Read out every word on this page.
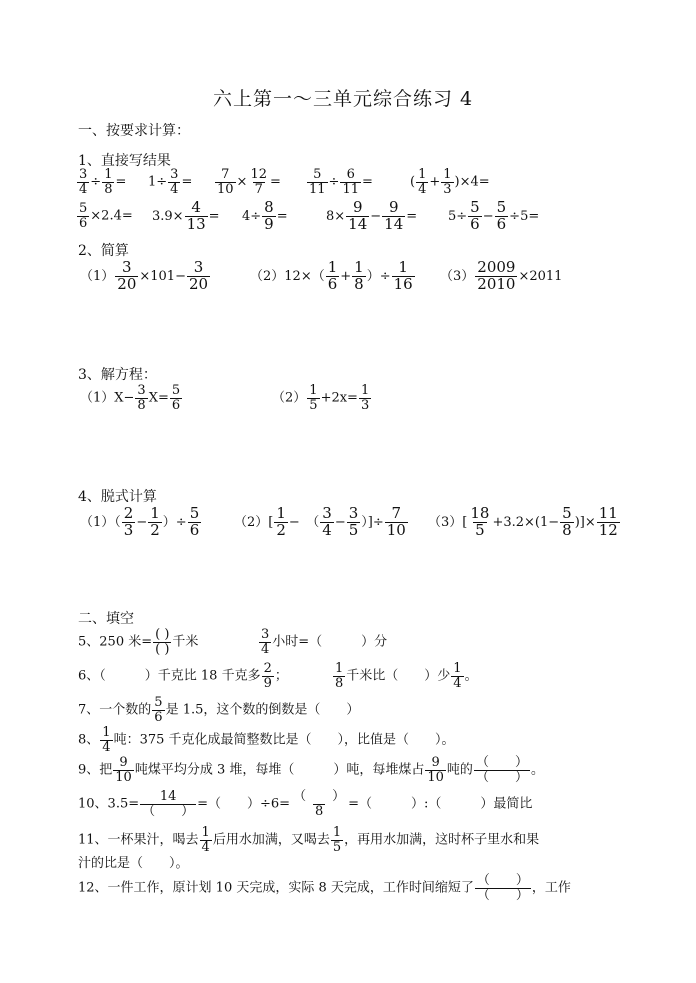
六上第一～三单元综合练习 4
一、按要求计算：
1、直接写结果
$\frac{3}{4} \div \frac{1}{8} = 1\div \frac{3}{4} = \frac{7}{10} \times \frac{12}{7} = \frac{5}{11} \div \frac{6}{11}$ =	( $\frac{1}{4} + \frac{1}{3} )\times 4=$
$\frac{5}{6} \times 2.4= 3.9\times \frac{4}{13} = 4\div \frac{8}{9}$ =	$8\times \frac{9}{14} - \frac{9}{14} = 5\div \frac{5}{6} - \frac{5}{6} \div 5=$
2、简算
$(1) \frac{3}{20} \times 101- \frac{3}{20}$	$(2)12\times( \frac{1}{6} + \frac{1}{8}$ ）÷ $\frac{1}{16} (3) \frac{2009}{2010} \times 2011$
3、解方程：
$(1)X- \frac{3}{8} X= \frac{5}{6}$	$(2) \frac{1}{5} +2x= \frac{1}{3}$
4、脱式计算
$(1)( \frac{2}{3} - \frac{1}{2}$ ）÷ $\frac{5}{6}$	$(2)[ \frac{1}{2}$ −　（ $\frac{3}{4} - \frac{3}{5}$ ）]÷ $\frac{7}{10} (3)[ \frac{18}{5} +3.2\times(1- \frac{5}{8}$ )]× $\frac{11}{12}$
二、填空
5、250 米= $\frac{( )}{( )}$ 千米	$\frac{3}{4}$ 小时=（　　　）分
6、（　　　）千克比 18 千克多 $\frac{2}{9}$ ；	$\frac{1}{8}$ 千米比（　　）少 $\frac{1}{4}$ 。
7、一个数的 $\frac{5}{6}$ 是 1.5，这个数的倒数是（　　）
8、 $\frac{1}{4}$ 吨：375 千克化成最简整数比是（　　），比值是（　　）。
9、把 $\frac{9}{10}$ 吨煤平均分成 3 堆，每堆（　　　）吨，每堆煤占 $\frac{9}{10}$ 吨的 $\frac{( )}{( )}$ 。
10、$3.5= \frac{14}{( )}$ =（　　）$\div 6= \frac{( )}{8}$ =（　　　）:（　　　）最简比
11、一杯果汁，喝去 $\frac{1}{4}$ 后用水加满，又喝去 $\frac{1}{5}$ ，再用水加满，这时杯子里水和果
汁的比是（　　）。
12、一件工作，原计划 10 天完成，实际 8 天完成，工作时间缩短了 $\frac{( )}{( )}$ ，工作
